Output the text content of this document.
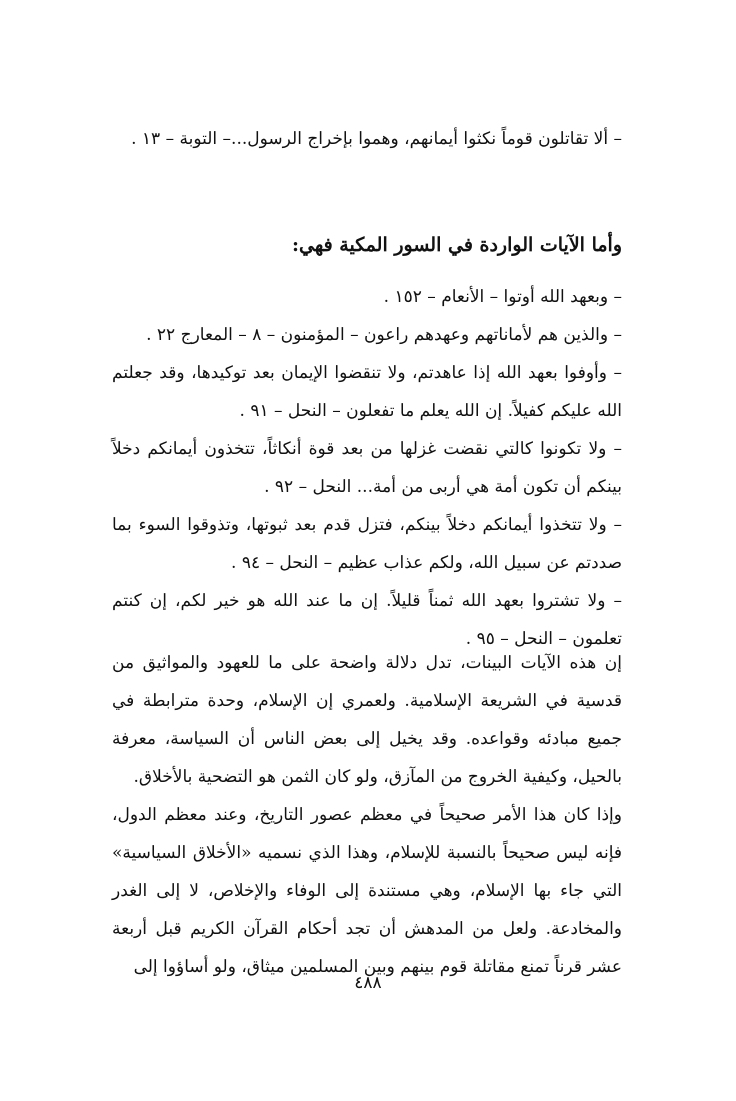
– ألا تقاتلون قوماً نكثوا أيمانهم، وهموا بإخراج الرسول...– التوبة – ١٣ .

وأما الآيات الواردة في السور المكية فهي:

– وبعهد الله أوتوا – الأنعام – ١٥٢ .

– والذين هم لأماناتهم وعهدهم راعون – المؤمنون – ٨ – المعارج ٢٢ .

– وأوفوا بعهد الله إذا عاهدتم، ولا تنقضوا الإيمان بعد توكيدها، وقد جعلتم الله عليكم كفيلاً. إن الله يعلم ما تفعلون – النحل – ٩١ .

– ولا تكونوا كالتي نقضت غزلها من بعد قوة أنكاثاً، تتخذون أيمانكم دخلاً بينكم أن تكون أمة هي أربى من أمة... النحل – ٩٢ .

– ولا تتخذوا أيمانكم دخلاً بينكم، فتزل قدم بعد ثبوتها، وتذوقوا السوء بما صددتم عن سبيل الله، ولكم عذاب عظيم – النحل – ٩٤ .

– ولا تشتروا بعهد الله ثمناً قليلاً. إن ما عند الله هو خير لكم، إن كنتم تعلمون – النحل – ٩٥ .

إن هذه الآيات البينات، تدل دلالة واضحة على ما للعهود والمواثيق من قدسية في الشريعة الإسلامية. ولعمري إن الإسلام، وحدة مترابطة في جميع مبادئه وقواعده. وقد يخيل إلى بعض الناس أن السياسة، معرفة بالحيل، وكيفية الخروج من المآزق، ولو كان الثمن هو التضحية بالأخلاق.

وإذا كان هذا الأمر صحيحاً في معظم عصور التاريخ، وعند معظم الدول، فإنه ليس صحيحاً بالنسبة للإسلام، وهذا الذي نسميه «الأخلاق السياسية» التي جاء بها الإسلام، وهي مستندة إلى الوفاء والإخلاص، لا إلى الغدر والمخادعة. ولعل من المدهش أن تجد أحكام القرآن الكريم قبل أربعة عشر قرناً تمنع مقاتلة قوم بينهم وبين المسلمين ميثاق، ولو أساؤوا إلى

٤٨٨
